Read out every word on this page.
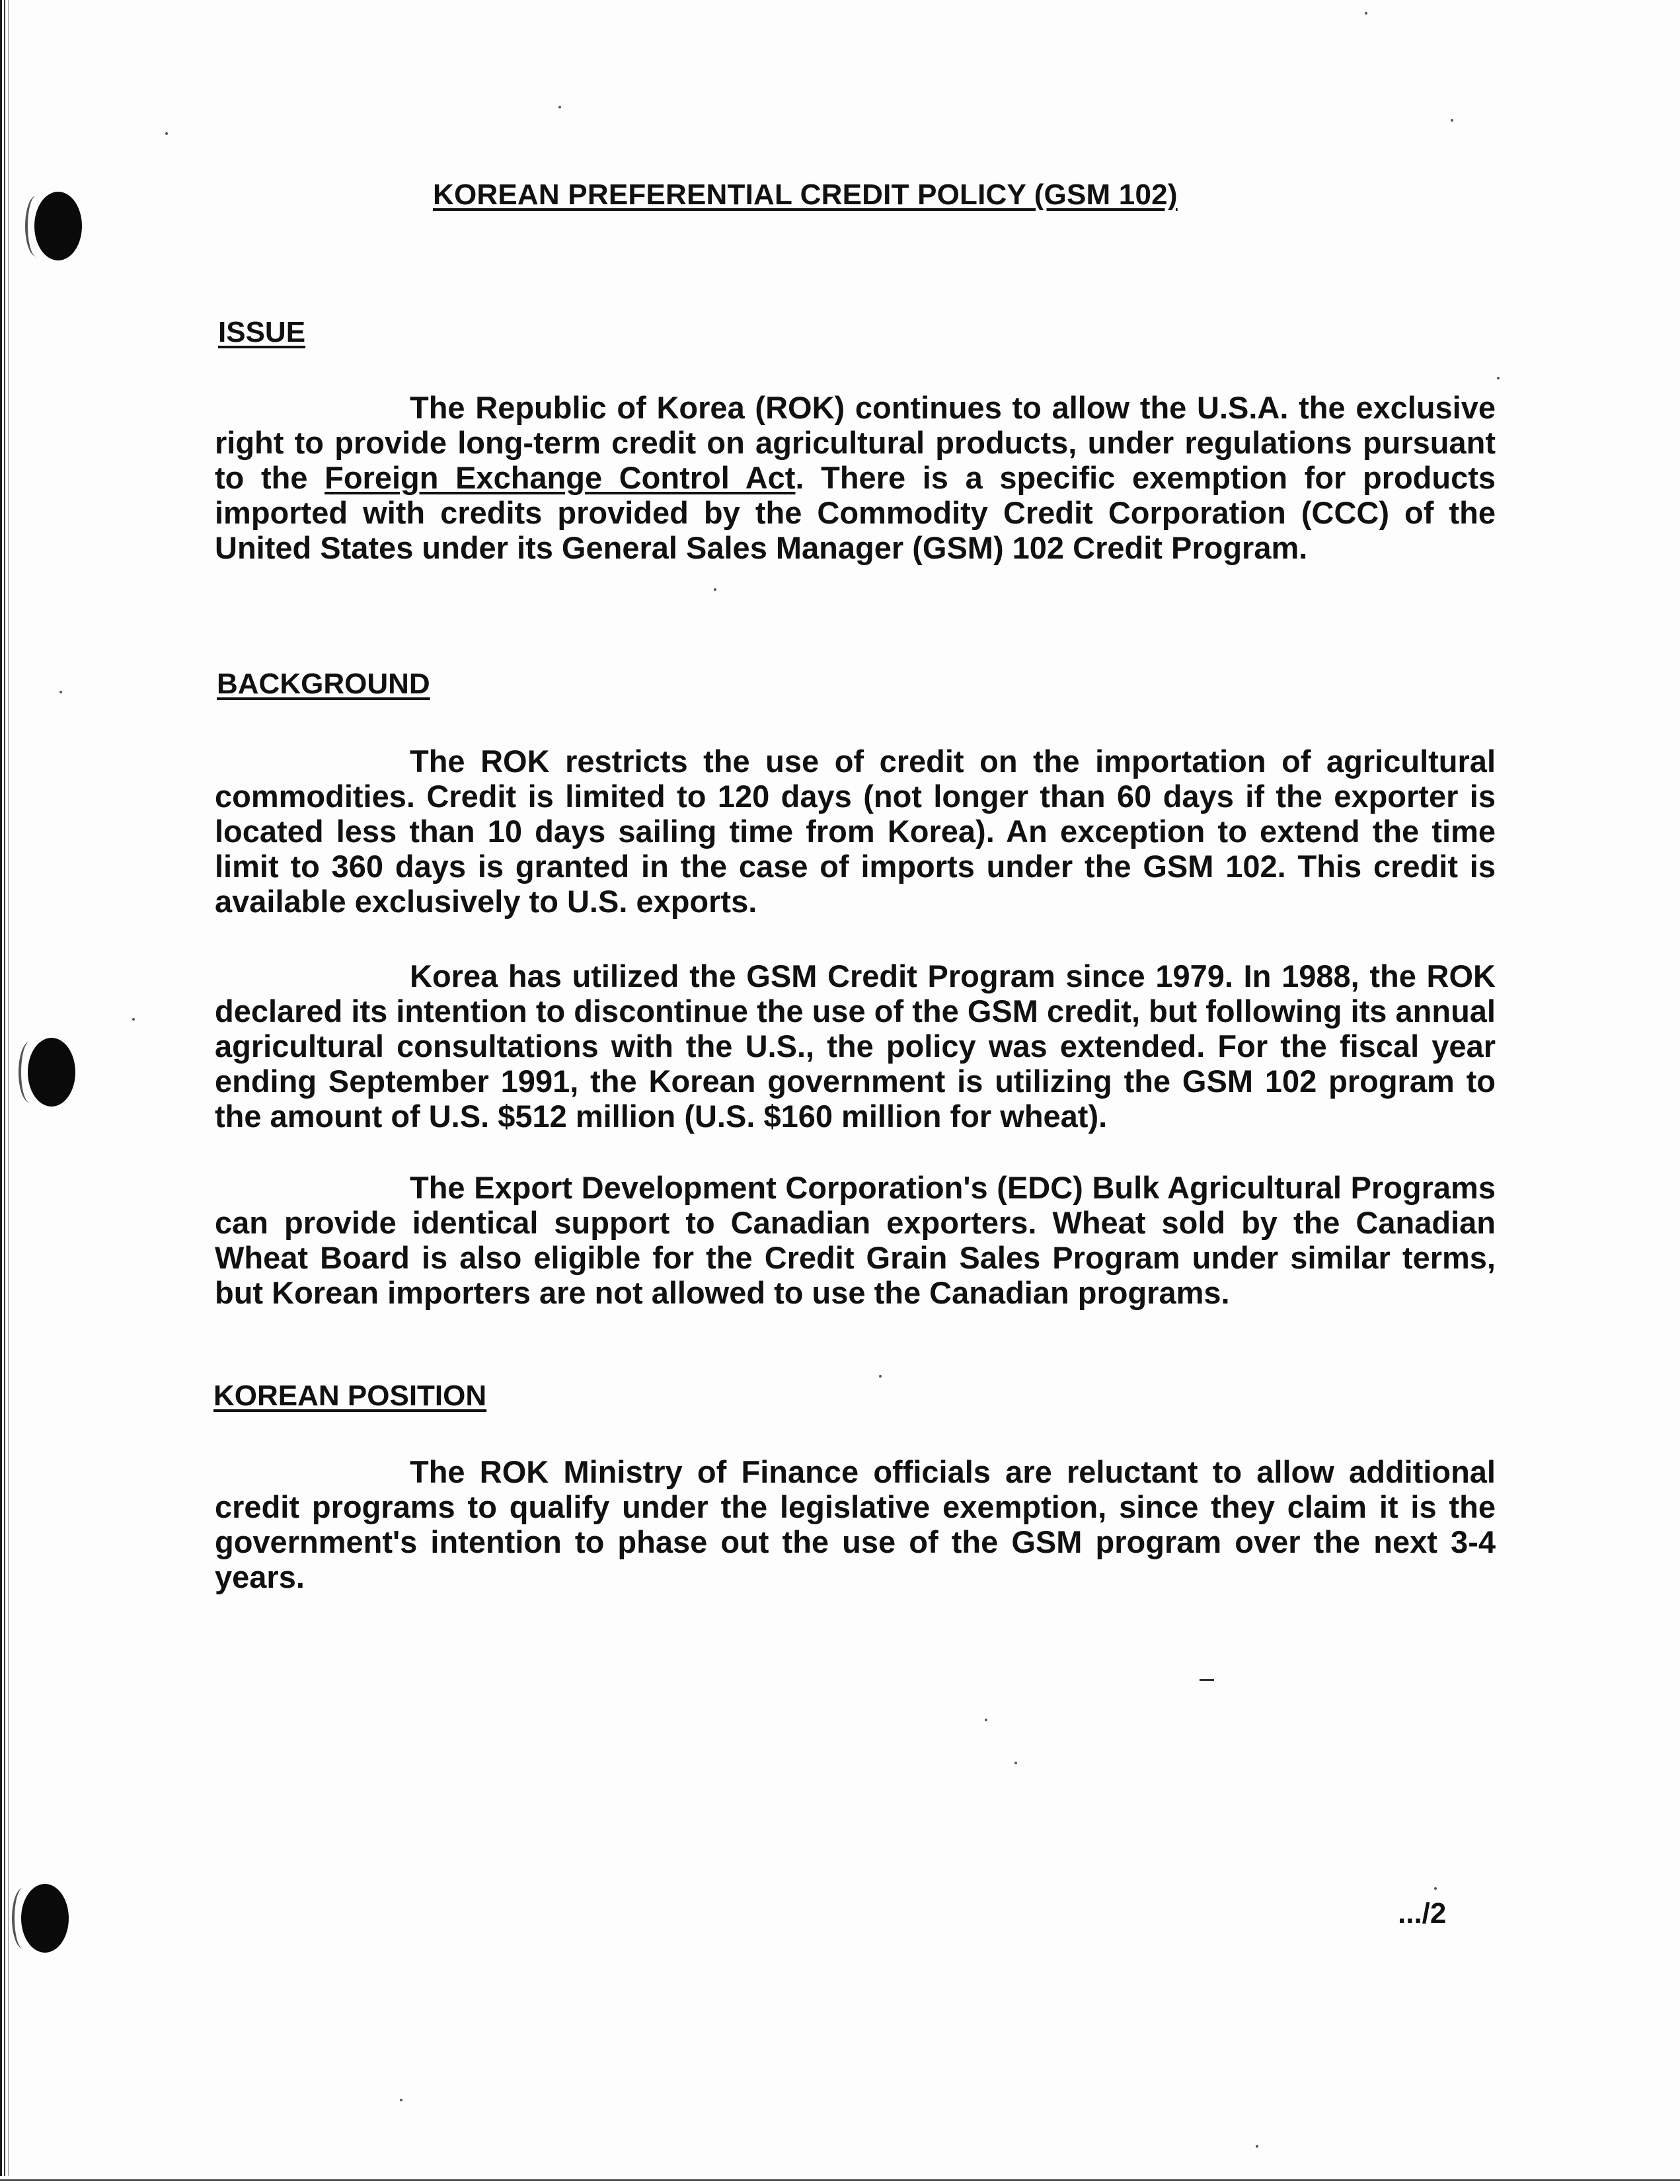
KOREAN PREFERENTIAL CREDIT POLICY (GSM 102)
ISSUE

The Republic of Korea (ROK) continues to allow the U.S.A. the exclusive right to provide long-term credit on agricultural products, under regulations pursuant to the Foreign Exchange Control Act. There is a specific exemption for products imported with credits provided by the Commodity Credit Corporation (CCC) of the United States under its General Sales Manager (GSM) 102 Credit Program.

BACKGROUND

The ROK restricts the use of credit on the importation of agricultural commodities. Credit is limited to 120 days (not longer than 60 days if the exporter is located less than 10 days sailing time from Korea). An exception to extend the time limit to 360 days is granted in the case of imports under the GSM 102. This credit is available exclusively to U.S. exports.

Korea has utilized the GSM Credit Program since 1979. In 1988, the ROK declared its intention to discontinue the use of the GSM credit, but following its annual agricultural consultations with the U.S., the policy was extended. For the fiscal year ending September 1991, the Korean government is utilizing the GSM 102 program to the amount of U.S. $512 million (U.S. $160 million for wheat).

The Export Development Corporation's (EDC) Bulk Agricultural Programs can provide identical support to Canadian exporters. Wheat sold by the Canadian Wheat Board is also eligible for the Credit Grain Sales Program under similar terms, but Korean importers are not allowed to use the Canadian programs.

KOREAN POSITION

The ROK Ministry of Finance officials are reluctant to allow additional credit programs to qualify under the legislative exemption, since they claim it is the government's intention to phase out the use of the GSM program over the next 3-4 years.

.../2
